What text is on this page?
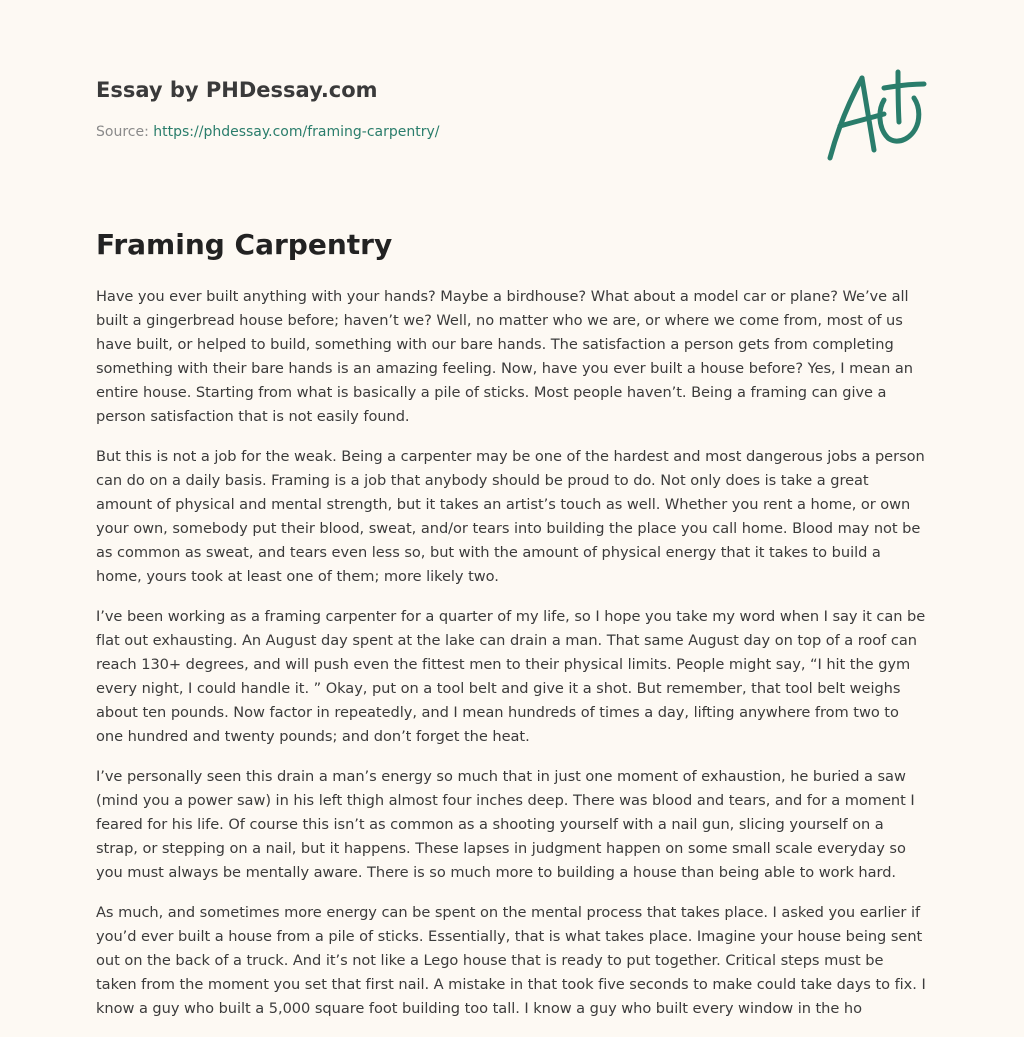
Essay by PHDessay.com
Source: https://phdessay.com/framing-carpentry/
Framing Carpentry

Have you ever built anything with your hands? Maybe a birdhouse? What about a model car or plane? We’ve all built a gingerbread house before; haven’t we? Well, no matter who we are, or where we come from, most of us have built, or helped to build, something with our bare hands. The satisfaction a person gets from completing something with their bare hands is an amazing feeling. Now, have you ever built a house before? Yes, I mean an entire house. Starting from what is basically a pile of sticks. Most people haven’t. Being a framing can give a person satisfaction that is not easily found.

But this is not a job for the weak. Being a carpenter may be one of the hardest and most dangerous jobs a person can do on a daily basis. Framing is a job that anybody should be proud to do. Not only does is take a great amount of physical and mental strength, but it takes an artist’s touch as well. Whether you rent a home, or own your own, somebody put their blood, sweat, and/or tears into building the place you call home. Blood may not be as common as sweat, and tears even less so, but with the amount of physical energy that it takes to build a home, yours took at least one of them; more likely two.

I’ve been working as a framing carpenter for a quarter of my life, so I hope you take my word when I say it can be flat out exhausting. An August day spent at the lake can drain a man. That same August day on top of a roof can reach 130+ degrees, and will push even the fittest men to their physical limits. People might say, “I hit the gym every night, I could handle it. ” Okay, put on a tool belt and give it a shot. But remember, that tool belt weighs about ten pounds. Now factor in repeatedly, and I mean hundreds of times a day, lifting anywhere from two to one hundred and twenty pounds; and don’t forget the heat.

I’ve personally seen this drain a man’s energy so much that in just one moment of exhaustion, he buried a saw (mind you a power saw) in his left thigh almost four inches deep. There was blood and tears, and for a moment I feared for his life. Of course this isn’t as common as a shooting yourself with a nail gun, slicing yourself on a strap, or stepping on a nail, but it happens. These lapses in judgment happen on some small scale everyday so you must always be mentally aware. There is so much more to building a house than being able to work hard.

As much, and sometimes more energy can be spent on the mental process that takes place. I asked you earlier if you’d ever built a house from a pile of sticks. Essentially, that is what takes place. Imagine your house being sent out on the back of a truck. And it’s not like a Lego house that is ready to put together. Critical steps must be taken from the moment you set that first nail. A mistake in that took five seconds to make could take days to fix. I know a guy who built a 5,000 square foot building too tall. I know a guy who built every window in the ho
